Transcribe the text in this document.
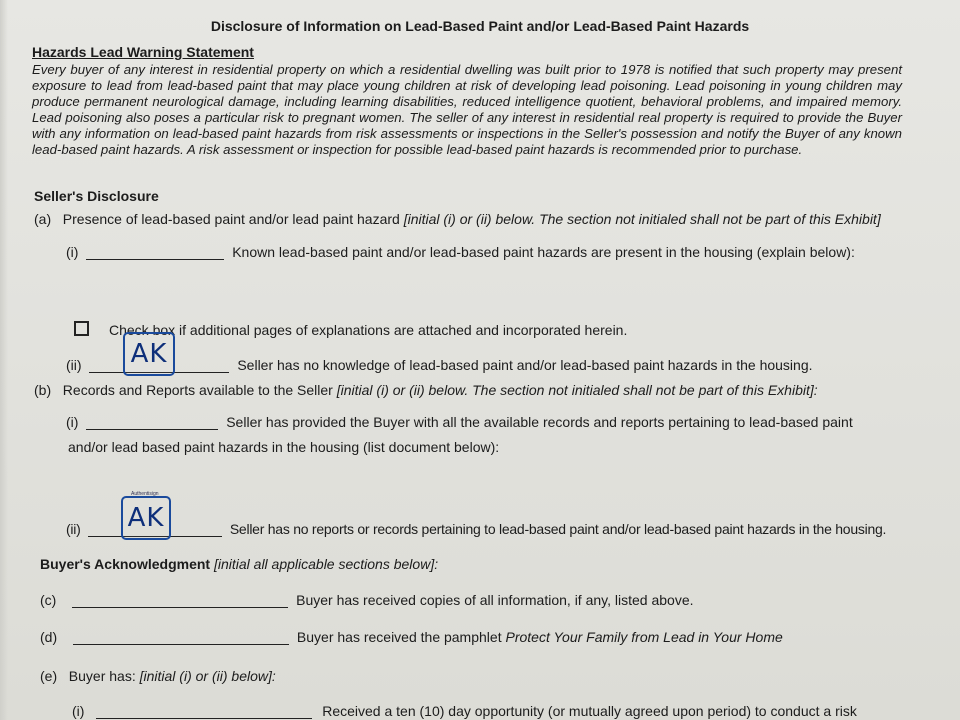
Disclosure of Information on Lead-Based Paint and/or Lead-Based Paint Hazards
Hazards Lead Warning Statement
Every buyer of any interest in residential property on which a residential dwelling was built prior to 1978 is notified that such property may present exposure to lead from lead-based paint that may place young children at risk of developing lead poisoning. Lead poisoning in young children may produce permanent neurological damage, including learning disabilities, reduced intelligence quotient, behavioral problems, and impaired memory. Lead poisoning also poses a particular risk to pregnant women. The seller of any interest in residential real property is required to provide the Buyer with any information on lead-based paint hazards from risk assessments or inspections in the Seller's possession and notify the Buyer of any known lead-based paint hazards. A risk assessment or inspection for possible lead-based paint hazards is recommended prior to purchase.
Seller's Disclosure
(a) Presence of lead-based paint and/or lead paint hazard [initial (i) or (ii) below. The section not initialed shall not be part of this Exhibit]
(i)	Known lead-based paint and/or lead-based paint hazards are present in the housing (explain below):
Check box if additional pages of explanations are attached and incorporated herein.
(ii)	Seller has no knowledge of lead-based paint and/or lead-based paint hazards in the housing.
AK
(b) Records and Reports available to the Seller [initial (i) or (ii) below. The section not initialed shall not be part of this Exhibit]:
(i)	Seller has provided the Buyer with all the available records and reports pertaining to lead-based paint
and/or lead based paint hazards in the housing (list document below):
(ii)	Seller has no reports or records pertaining to lead-based paint and/or lead-based paint hazards in the housing.
AK
Authentisign
Buyer's Acknowledgment [initial all applicable sections below]:
(c)	Buyer has received copies of all information, if any, listed above.
(d)	Buyer has received the pamphlet Protect Your Family from Lead in Your Home
(e) Buyer has: [initial (i) or (ii) below]:
(i)	Received a ten (10) day opportunity (or mutually agreed upon period) to conduct a risk
